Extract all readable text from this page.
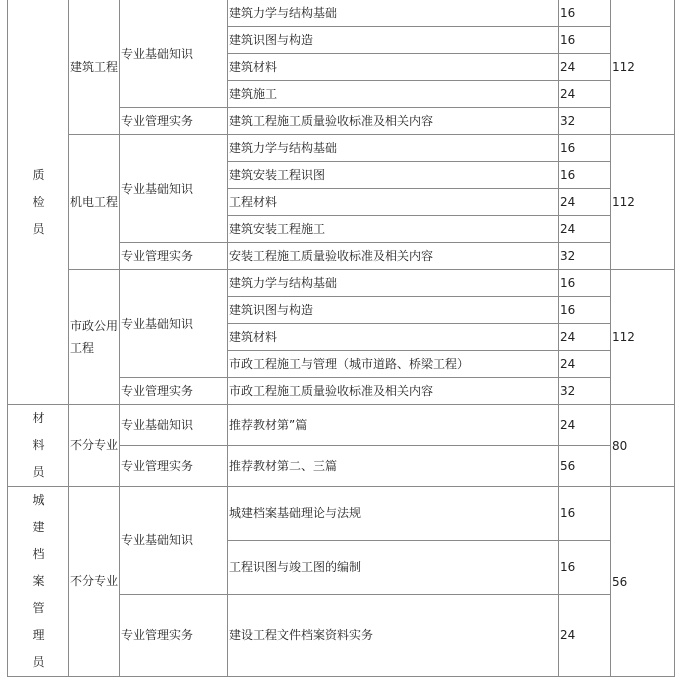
质检员	建筑工程	专业基础知识	建筑力学与结构基础	16	112
			建筑识图与构造	16	
			建筑材料	24	
			建筑施工	24	
		专业管理实务	建筑工程施工质量验收标准及相关内容	32	
	机电工程	专业基础知识	建筑力学与结构基础	16	112
			建筑安装工程识图	16	
			工程材料	24	
			建筑安装工程施工	24	
		专业管理实务	安装工程施工质量验收标准及相关内容	32	
	市政公用工程	专业基础知识	建筑力学与结构基础	16	112
			建筑识图与构造	16	
			建筑材料	24	
			市政工程施工与管理（城市道路、桥梁工程）	24	
		专业管理实务	市政工程施工质量验收标准及相关内容	32	

材料员	不分专业	专业基础知识	推荐教材第”篇	24	80
		专业管理实务	推荐教材第二、三篇	56	

城建档案管理员	不分专业	专业基础知识	城建档案基础理论与法规	16	56
			工程识图与竣工图的编制	16	
		专业管理实务	建设工程文件档案资料实务	24	
